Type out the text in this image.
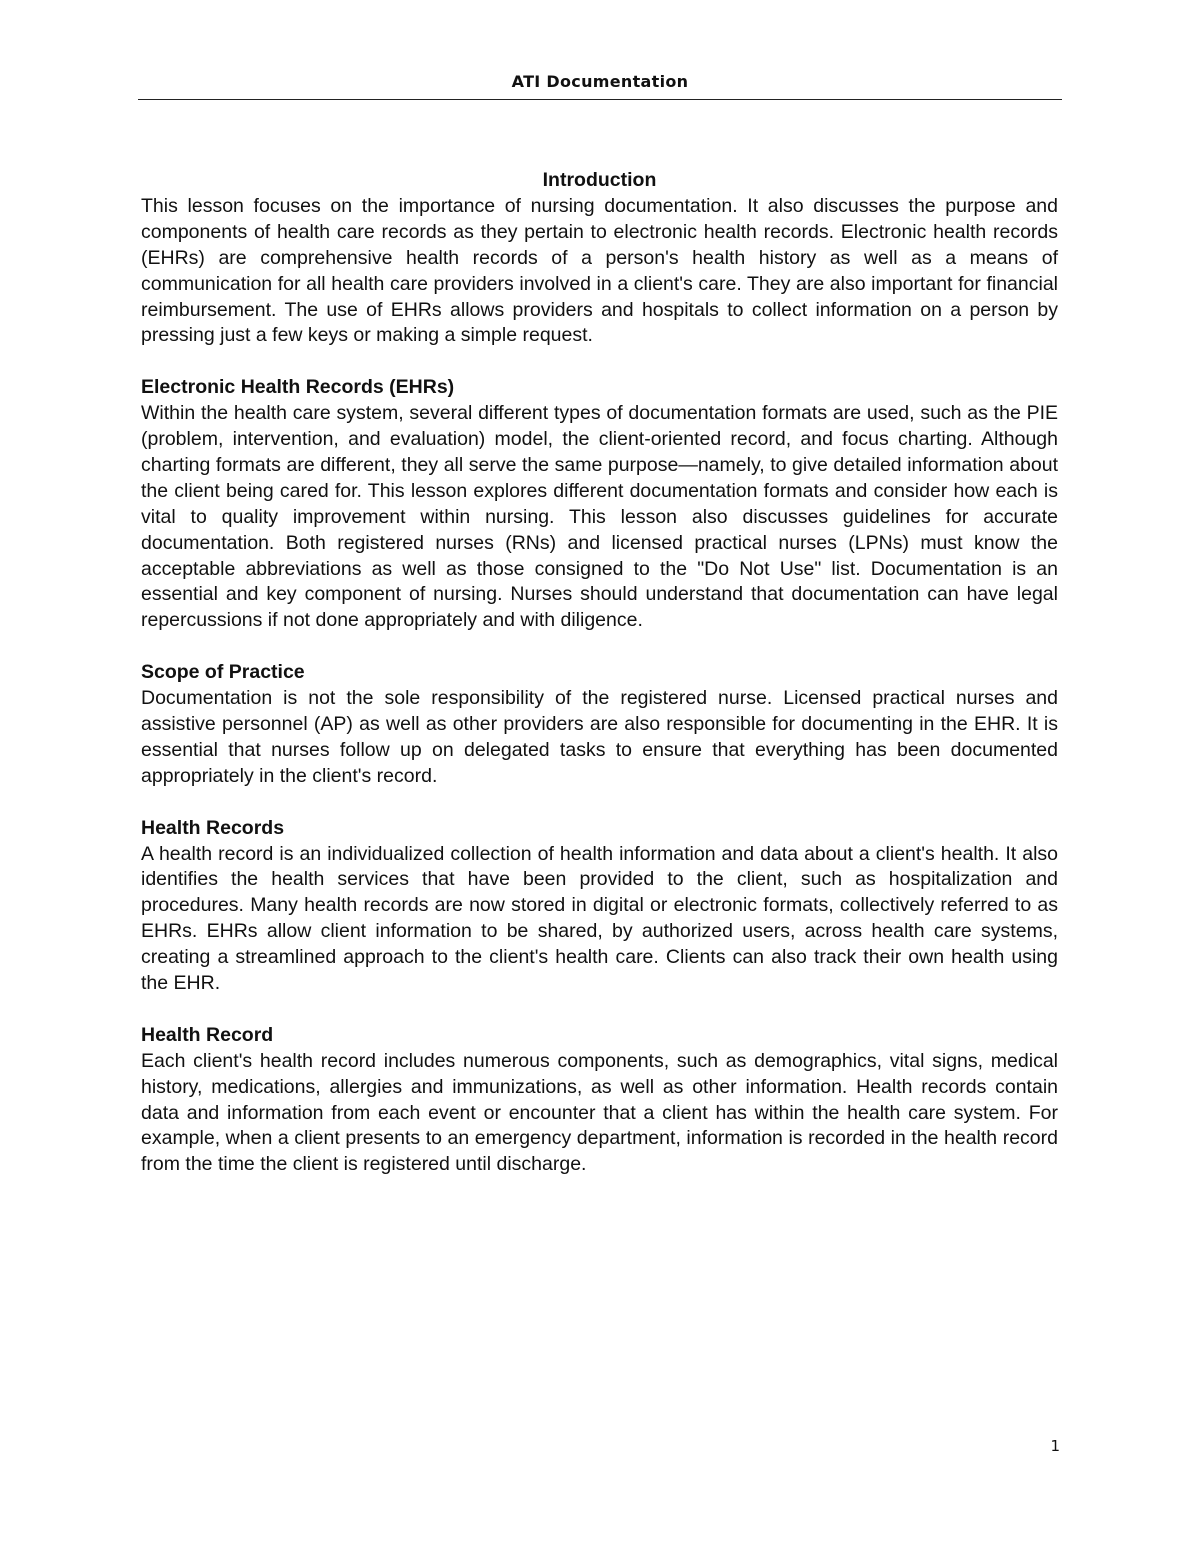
ATI Documentation

Introduction

This lesson focuses on the importance of nursing documentation. It also discusses the purpose and components of health care records as they pertain to electronic health records. Electronic health records (EHRs) are comprehensive health records of a person's health history as well as a means of communication for all health care providers involved in a client's care. They are also important for financial reimbursement. The use of EHRs allows providers and hospitals to collect information on a person by pressing just a few keys or making a simple request.

Electronic Health Records (EHRs)

Within the health care system, several different types of documentation formats are used, such as the PIE (problem, intervention, and evaluation) model, the client-oriented record, and focus charting. Although charting formats are different, they all serve the same purpose—namely, to give detailed information about the client being cared for. This lesson explores different documentation formats and consider how each is vital to quality improvement within nursing. This lesson also discusses guidelines for accurate documentation. Both registered nurses (RNs) and licensed practical nurses (LPNs) must know the acceptable abbreviations as well as those consigned to the "Do Not Use" list. Documentation is an essential and key component of nursing. Nurses should understand that documentation can have legal repercussions if not done appropriately and with diligence.

Scope of Practice

Documentation is not the sole responsibility of the registered nurse. Licensed practical nurses and assistive personnel (AP) as well as other providers are also responsible for documenting in the EHR. It is essential that nurses follow up on delegated tasks to ensure that everything has been documented appropriately in the client's record.

Health Records

A health record is an individualized collection of health information and data about a client's health. It also identifies the health services that have been provided to the client, such as hospitalization and procedures. Many health records are now stored in digital or electronic formats, collectively referred to as EHRs. EHRs allow client information to be shared, by authorized users, across health care systems, creating a streamlined approach to the client's health care. Clients can also track their own health using the EHR.

Health Record

Each client's health record includes numerous components, such as demographics, vital signs, medical history, medications, allergies and immunizations, as well as other information. Health records contain data and information from each event or encounter that a client has within the health care system. For example, when a client presents to an emergency department, information is recorded in the health record from the time the client is registered until discharge.

1
